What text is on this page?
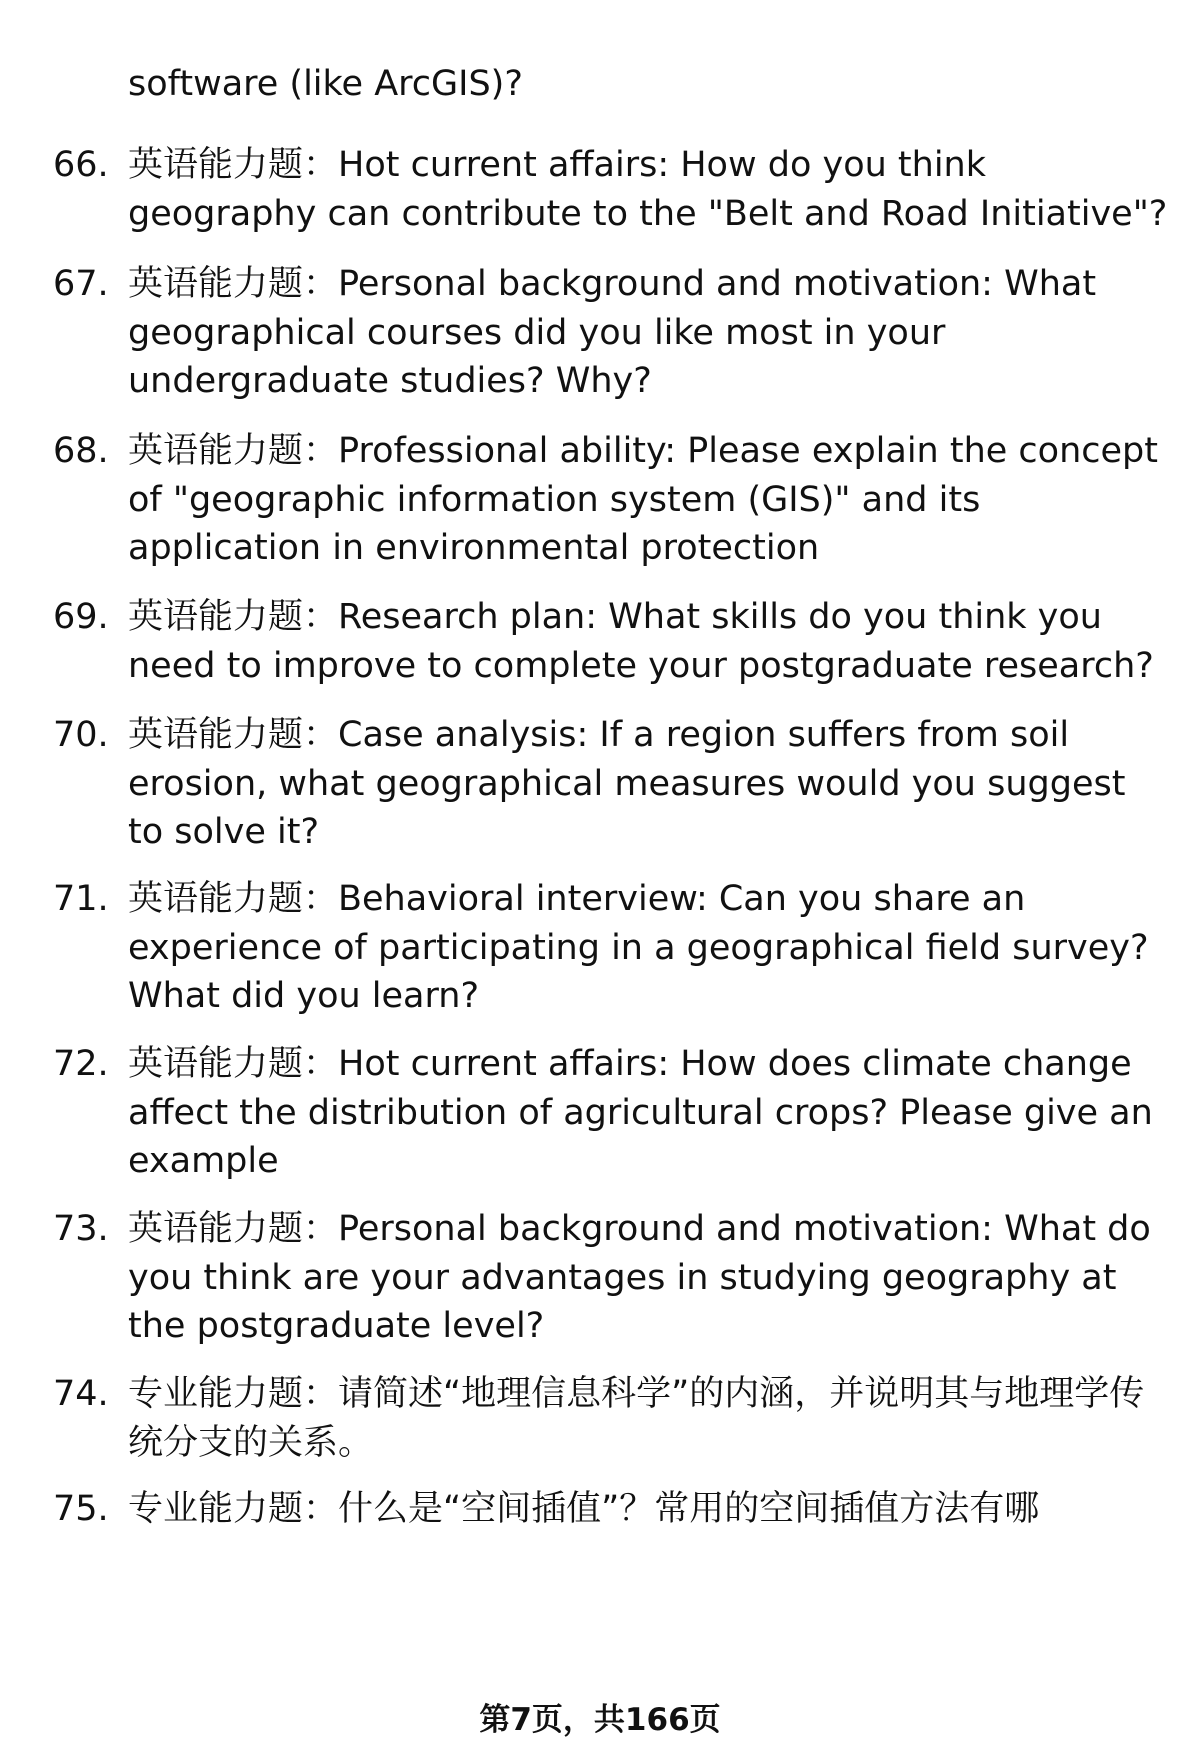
software (like ArcGIS)?
66. 英语能力题：Hot current affairs: How do you think geography can contribute to the "Belt and Road Initiative"?
67. 英语能力题：Personal background and motivation: What geographical courses did you like most in your undergraduate studies? Why?
68. 英语能力题：Professional ability: Please explain the concept of "geographic information system (GIS)" and its application in environmental protection
69. 英语能力题：Research plan: What skills do you think you need to improve to complete your postgraduate research?
70. 英语能力题：Case analysis: If a region suffers from soil erosion, what geographical measures would you suggest to solve it?
71. 英语能力题：Behavioral interview: Can you share an experience of participating in a geographical field survey? What did you learn?
72. 英语能力题：Hot current affairs: How does climate change affect the distribution of agricultural crops? Please give an example
73. 英语能力题：Personal background and motivation: What do you think are your advantages in studying geography at the postgraduate level?
74. 专业能力题：请简述“地理信息科学”的内涵，并说明其与地理学传统分支的关系。
75. 专业能力题：什么是“空间插值”？常用的空间插值方法有哪
第7页，共166页
